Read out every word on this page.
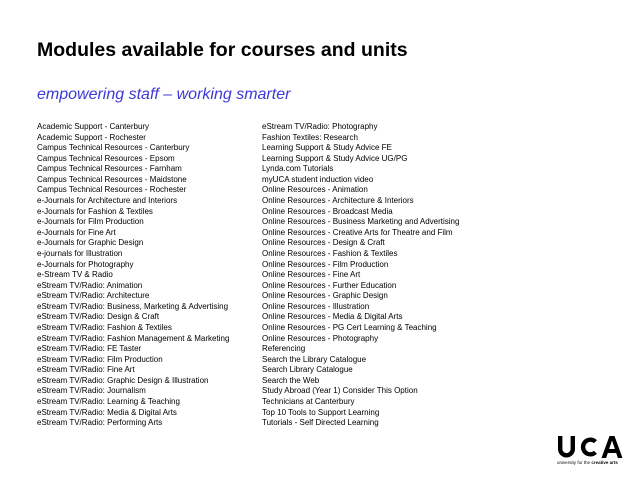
Modules available for courses and units
empowering staff – working smarter
Academic Support - Canterbury
Academic Support - Rochester
Campus Technical Resources - Canterbury
Campus Technical Resources - Epsom
Campus Technical Resources - Farnham
Campus Technical Resources - Maidstone
Campus Technical Resources - Rochester
e-Journals for Architecture and Interiors
e-Journals for Fashion & Textiles
e-Journals for Film Production
e-Journals for Fine Art
e-Journals for Graphic Design
e-journals for Illustration
e-Journals for Photography
e-Stream TV & Radio
eStream TV/Radio: Animation
eStream TV/Radio: Architecture
eStream TV/Radio: Business, Marketing & Advertising
eStream TV/Radio: Design & Craft
eStream TV/Radio: Fashion & Textiles
eStream TV/Radio: Fashion Management & Marketing
eStream TV/Radio: FE Taster
eStream TV/Radio: Film Production
eStream TV/Radio: Fine Art
eStream TV/Radio: Graphic Design & Illustration
eStream TV/Radio: Journalism
eStream TV/Radio: Learning & Teaching
eStream TV/Radio: Media & Digital Arts
eStream TV/Radio: Performing Arts
eStream TV/Radio: Photography
Fashion Textiles: Research
Learning Support & Study Advice FE
Learning Support & Study Advice UG/PG
Lynda.com Tutorials
myUCA student induction video
Online Resources - Animation
Online Resources - Architecture & Interiors
Online Resources - Broadcast Media
Online Resources - Business Marketing and Advertising
Online Resources - Creative Arts for Theatre and Film
Online Resources - Design & Craft
Online Resources - Fashion & Textiles
Online Resources - Film Production
Online Resources - Fine Art
Online Resources - Further Education
Online Resources - Graphic Design
Online Resources - Illustration
Online Resources - Media & Digital Arts
Online Resources - PG Cert Learning & Teaching
Online Resources - Photography
Referencing
Search the Library Catalogue
Search Library Catalogue
Search the Web
Study Abroad (Year 1) Consider This Option
Technicians at Canterbury
Top 10 Tools to Support Learning
Tutorials - Self Directed Learning
university for the creative arts
